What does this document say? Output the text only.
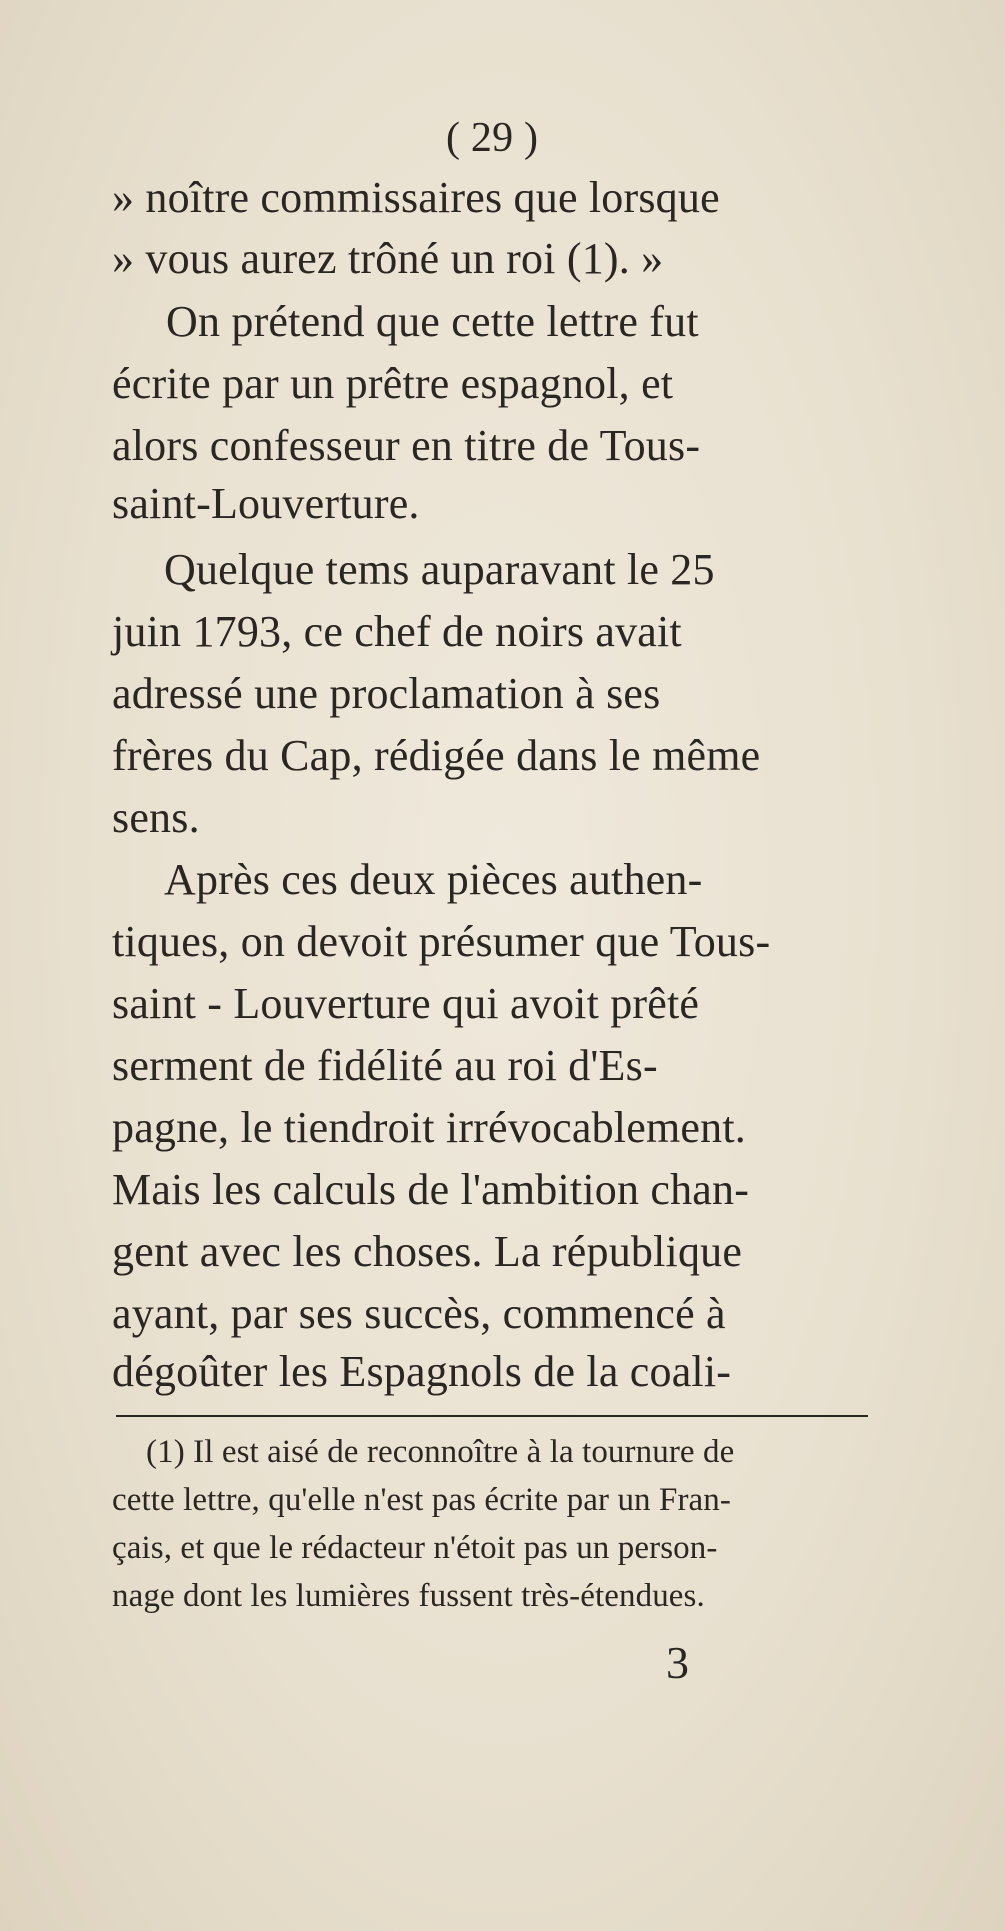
( 29 )
» noître commissaires que lorsque
» vous aurez trôné un roi (1). »
On prétend que cette lettre fut
écrite par un prêtre espagnol, et
alors confesseur en titre de Tous-
saint-Louverture.
Quelque tems auparavant le 25
juin 1793, ce chef de noirs avait
adressé une proclamation à ses
frères du Cap, rédigée dans le même
sens.
Après ces deux pièces authen-
tiques, on devoit présumer que Tous-
saint - Louverture qui avoit prêté
serment de fidélité au roi d'Es-
pagne, le tiendroit irrévocablement.
Mais les calculs de l'ambition chan-
gent avec les choses. La république
ayant, par ses succès, commencé à
dégoûter les Espagnols de la coali-
(1) Il est aisé de reconnoître à la tournure de
cette lettre, qu'elle n'est pas écrite par un Fran-
çais, et que le rédacteur n'étoit pas un person-
nage dont les lumières fussent très-étendues.
3
